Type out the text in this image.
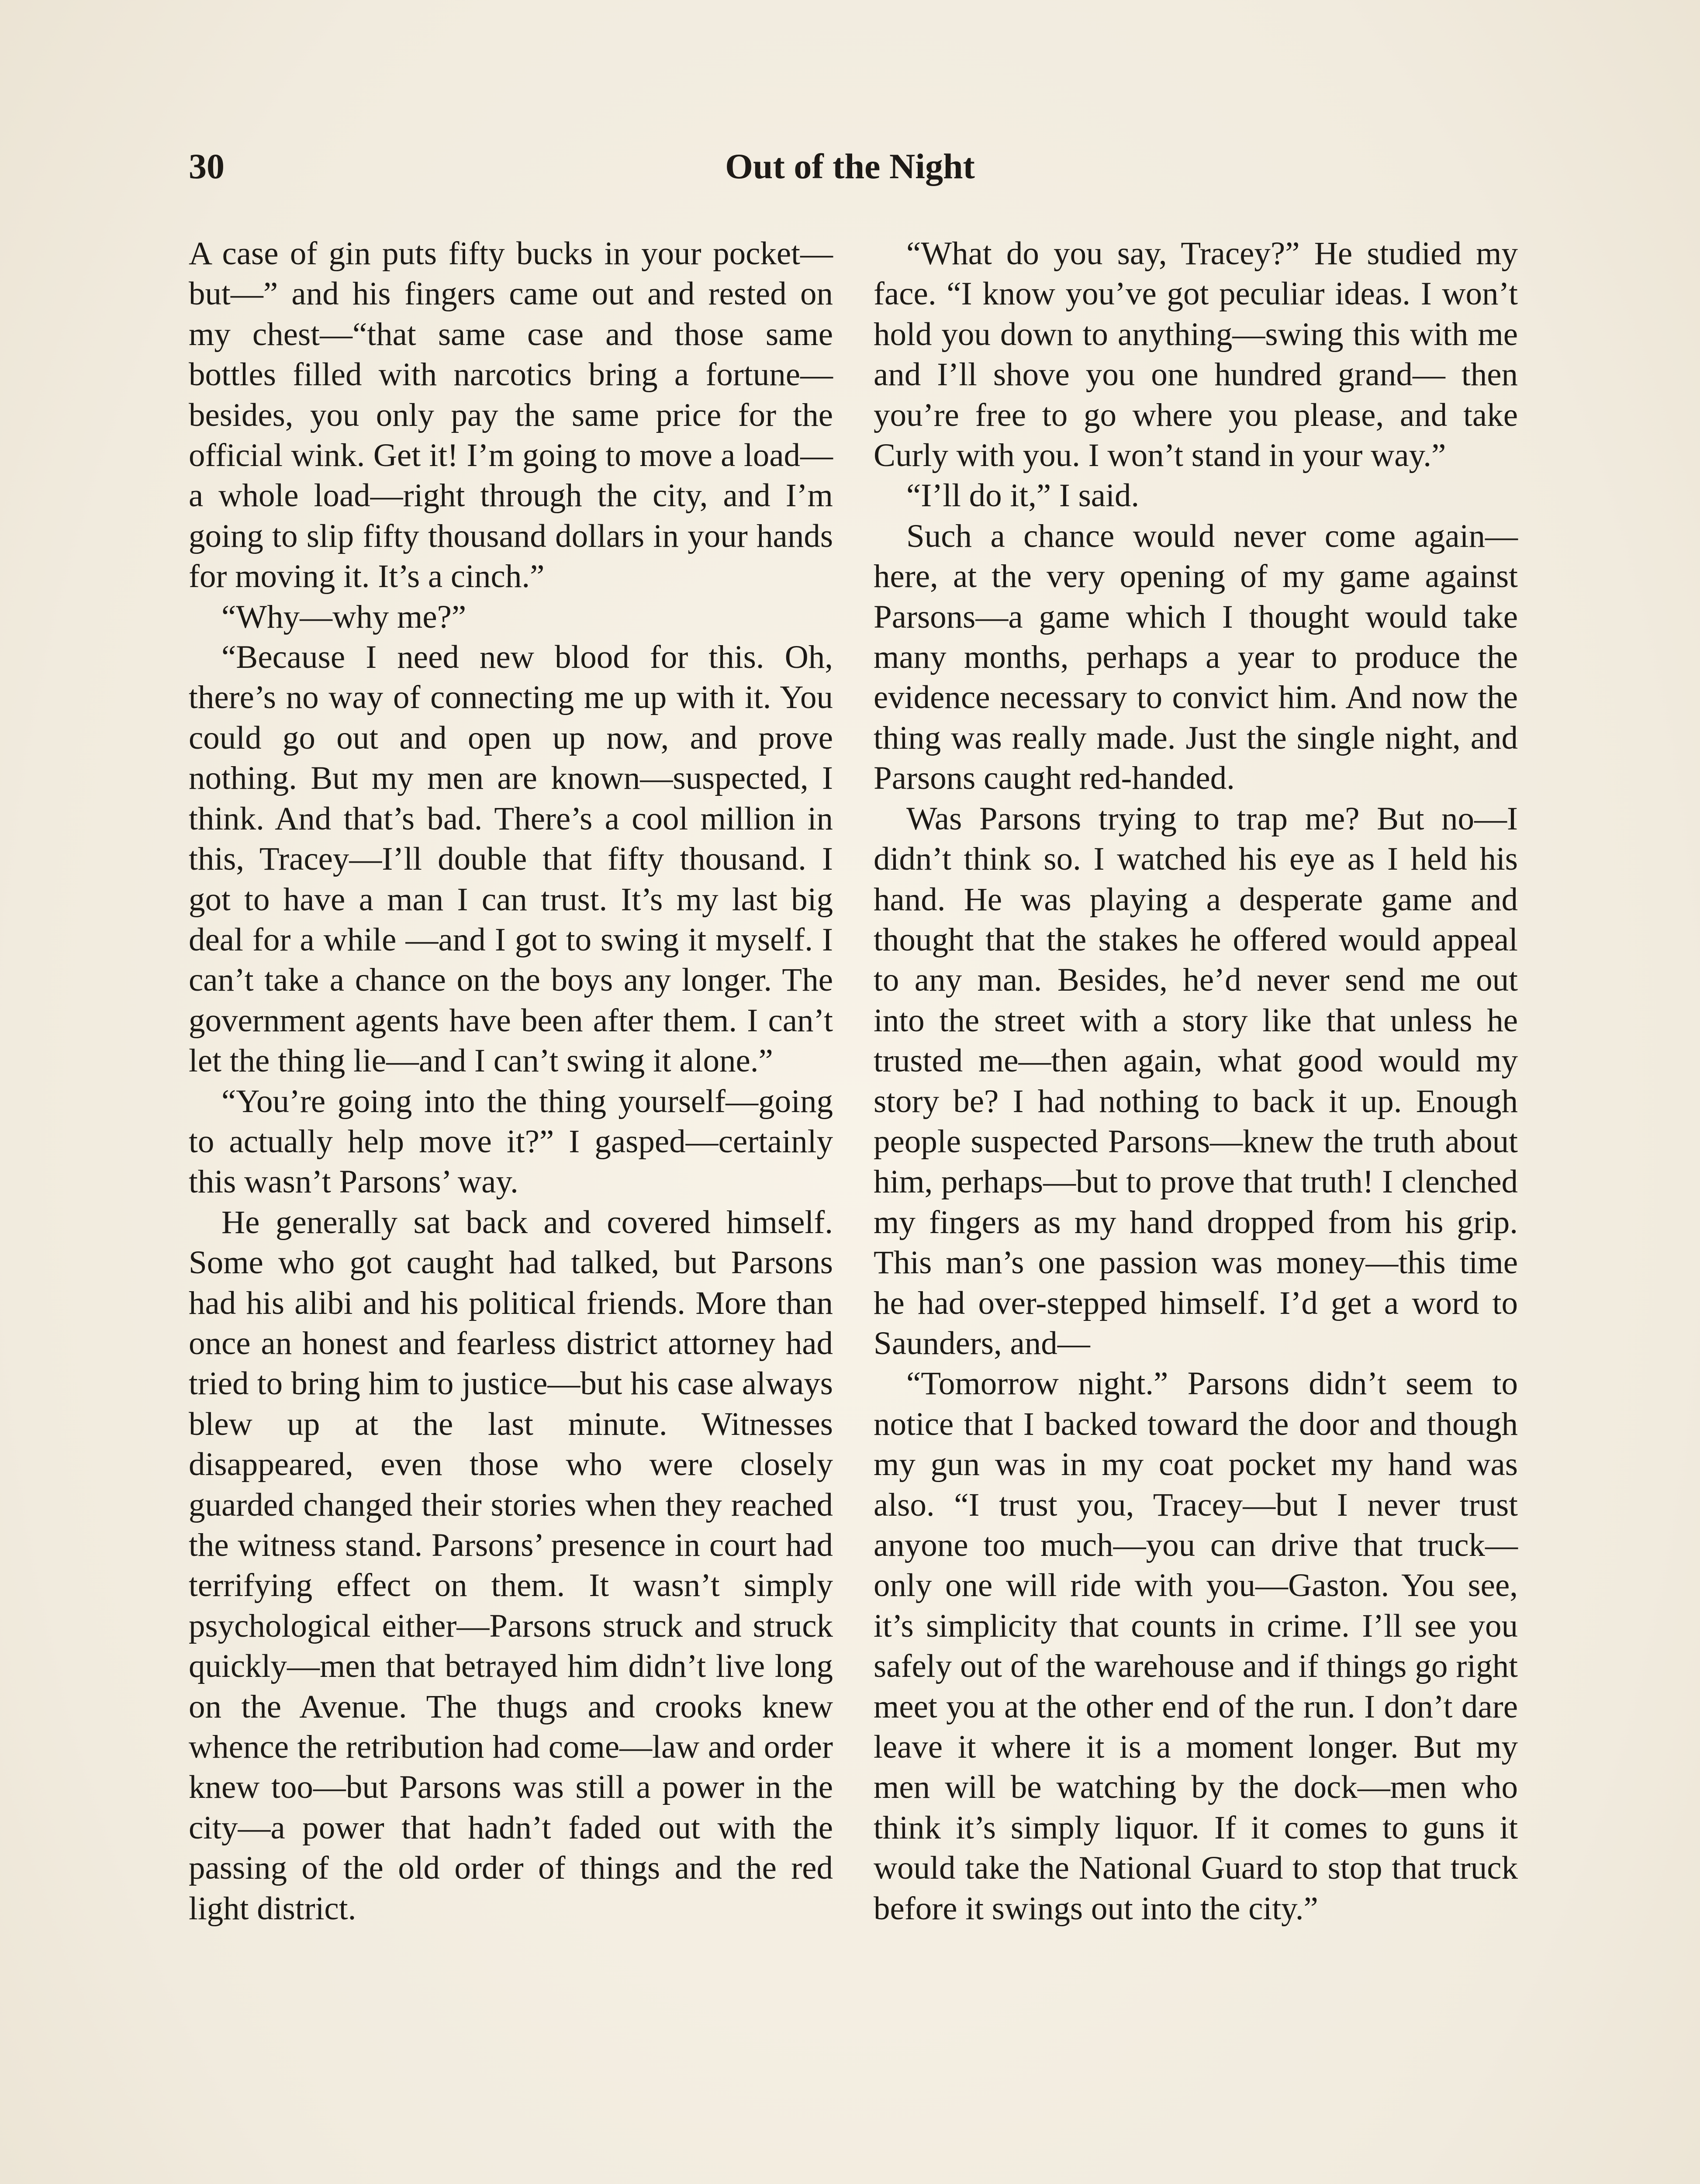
30	Out of the Night

A case of gin puts fifty bucks in your pocket—but—” and his fingers came out and rested on my chest—“that same case and those same bottles filled with narcotics bring a fortune—besides, you only pay the same price for the official wink. Get it! I’m going to move a load—a whole load—right through the city, and I’m going to slip fifty thousand dollars in your hands for moving it. It’s a cinch.”

“Why—why me?”

“Because I need new blood for this. Oh, there’s no way of connecting me up with it. You could go out and open up now, and prove nothing. But my men are known—suspected, I think. And that’s bad. There’s a cool million in this, Tracey—I’ll double that fifty thousand. I got to have a man I can trust. It’s my last big deal for a while —and I got to swing it myself. I can’t take a chance on the boys any longer. The government agents have been after them. I can’t let the thing lie—and I can’t swing it alone.”

“You’re going into the thing yourself—going to actually help move it?” I gasped—certainly this wasn’t Parsons’ way.

He generally sat back and covered himself. Some who got caught had talked, but Parsons had his alibi and his political friends. More than once an honest and fearless district attorney had tried to bring him to justice—but his case always blew up at the last minute. Witnesses disappeared, even those who were closely guarded changed their stories when they reached the witness stand. Parsons’ presence in court had terrifying effect on them. It wasn’t simply psychological either—Parsons struck and struck quickly—men that betrayed him didn’t live long on the Avenue. The thugs and crooks knew whence the retribution had come—law and order knew too—but Parsons was still a power in the city—a power that hadn’t faded out with the passing of the old order of things and the red light district.

“What do you say, Tracey?” He studied my face. “I know you’ve got peculiar ideas. I won’t hold you down to anything—swing this with me and I’ll shove you one hundred grand— then you’re free to go where you please, and take Curly with you. I won’t stand in your way.”

“I’ll do it,” I said.

Such a chance would never come again—here, at the very opening of my game against Parsons—a game which I thought would take many months, perhaps a year to produce the evidence necessary to convict him. And now the thing was really made. Just the single night, and Parsons caught red-handed.

Was Parsons trying to trap me? But no—I didn’t think so. I watched his eye as I held his hand. He was playing a desperate game and thought that the stakes he offered would appeal to any man. Besides, he’d never send me out into the street with a story like that unless he trusted me—then again, what good would my story be? I had nothing to back it up. Enough people suspected Parsons—knew the truth about him, perhaps—but to prove that truth! I clenched my fingers as my hand dropped from his grip. This man’s one passion was money—this time he had over-stepped himself. I’d get a word to Saunders, and—

“Tomorrow night.” Parsons didn’t seem to notice that I backed toward the door and though my gun was in my coat pocket my hand was also. “I trust you, Tracey—but I never trust anyone too much—you can drive that truck— only one will ride with you—Gaston. You see, it’s simplicity that counts in crime. I’ll see you safely out of the warehouse and if things go right meet you at the other end of the run. I don’t dare leave it where it is a moment longer. But my men will be watching by the dock—men who think it’s simply liquor. If it comes to guns it would take the National Guard to stop that truck before it swings out into the city.”
